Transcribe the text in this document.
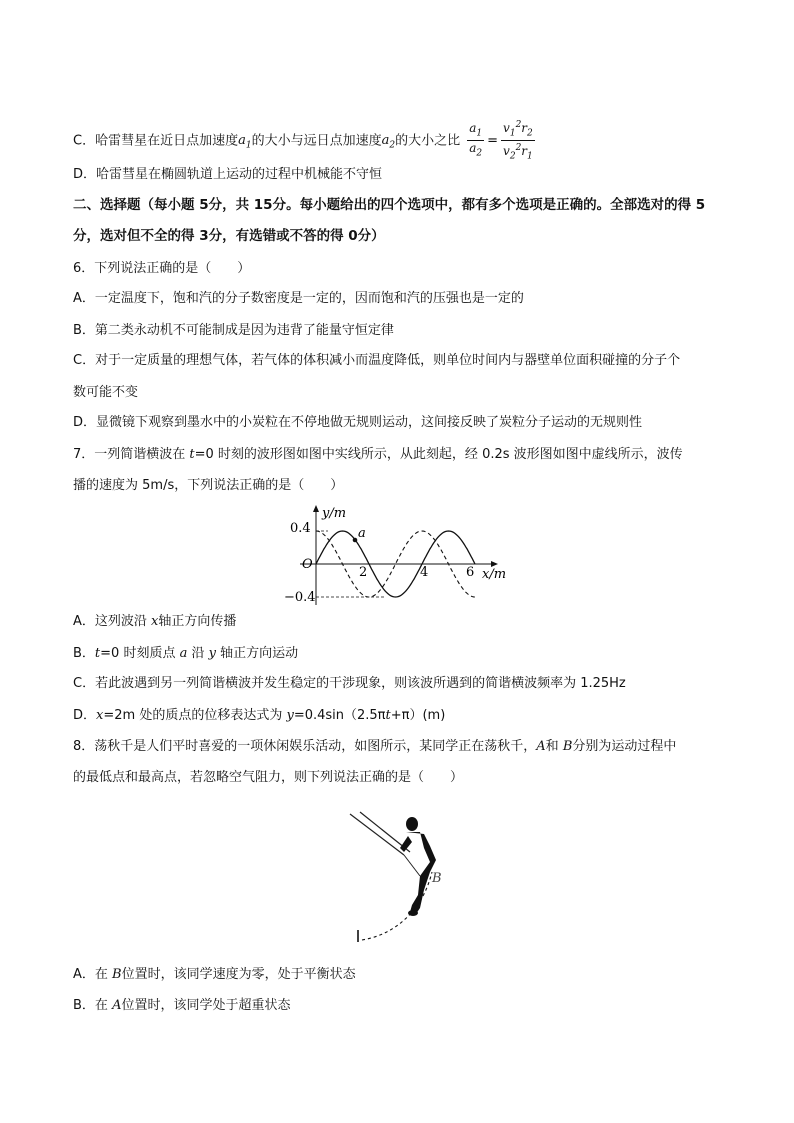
C．哈雷彗星在近日点加速度$a_1$的大小与远日点加速度$a_2$的大小之比 $\frac{a_1}{a_2} = \frac{v_1^2r_2}{v_2^2r_1}$
D．哈雷彗星在椭圆轨道上运动的过程中机械能不守恒
二、选择题（每小题 5分，共 15分。每小题给出的四个选项中，都有多个选项是正确的。全部选对的得 5
分，选对但不全的得 3分，有选错或不答的得 0分）
6．下列说法正确的是（　　）
A．一定温度下，饱和汽的分子数密度是一定的，因而饱和汽的压强也是一定的
B．第二类永动机不可能制成是因为违背了能量守恒定律
C．对于一定质量的理想气体，若气体的体积减小而温度降低，则单位时间内与器壁单位面积碰撞的分子个
数可能不变
D．显微镜下观察到墨水中的小炭粒在不停地做无规则运动，这间接反映了炭粒分子运动的无规则性
7．一列简谐横波在 t=0 时刻的波形图如图中实线所示，从此刻起，经 0.2s 波形图如图中虚线所示，波传
播的速度为 5m/s，下列说法正确的是（　　）
a
y/m
x/m
O
0.4
−0.4
2	4	6
A．这列波沿 x轴正方向传播
B．t=0 时刻质点 a 沿 y 轴正方向运动
C．若此波遇到另一列简谐横波并发生稳定的干涉现象，则该波所遇到的简谐横波频率为 1.25Hz
D．x=2m 处的质点的位移表达式为 y=0.4sin（2.5πt+π）(m)
8．荡秋千是人们平时喜爱的一项休闲娱乐活动，如图所示，某同学正在荡秋千，A和 B分别为运动过程中
的最低点和最高点，若忽略空气阻力，则下列说法正确的是（　　）
B
A．在 B位置时，该同学速度为零，处于平衡状态
B．在 A位置时，该同学处于超重状态
